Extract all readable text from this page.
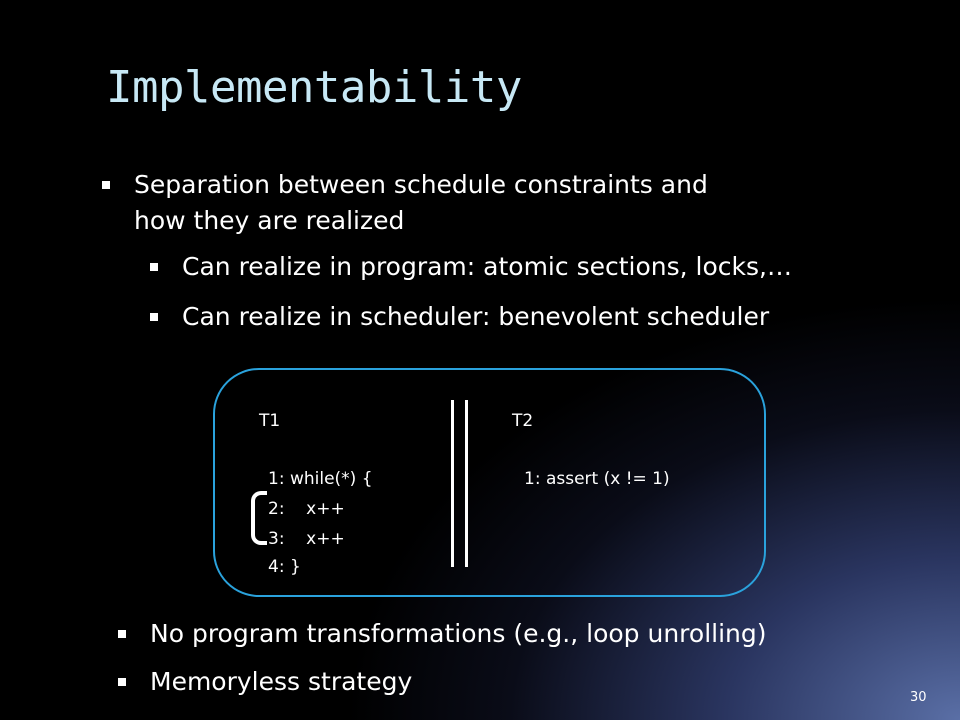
Implementability
Separation between schedule constraints and
how they are realized
Can realize in program: atomic sections, locks,…
Can realize in scheduler: benevolent scheduler
T1	T2
1: while(*) {
2:    x++
3:    x++
4: }
1: assert (x != 1)
No program transformations (e.g., loop unrolling)
Memoryless strategy
30
